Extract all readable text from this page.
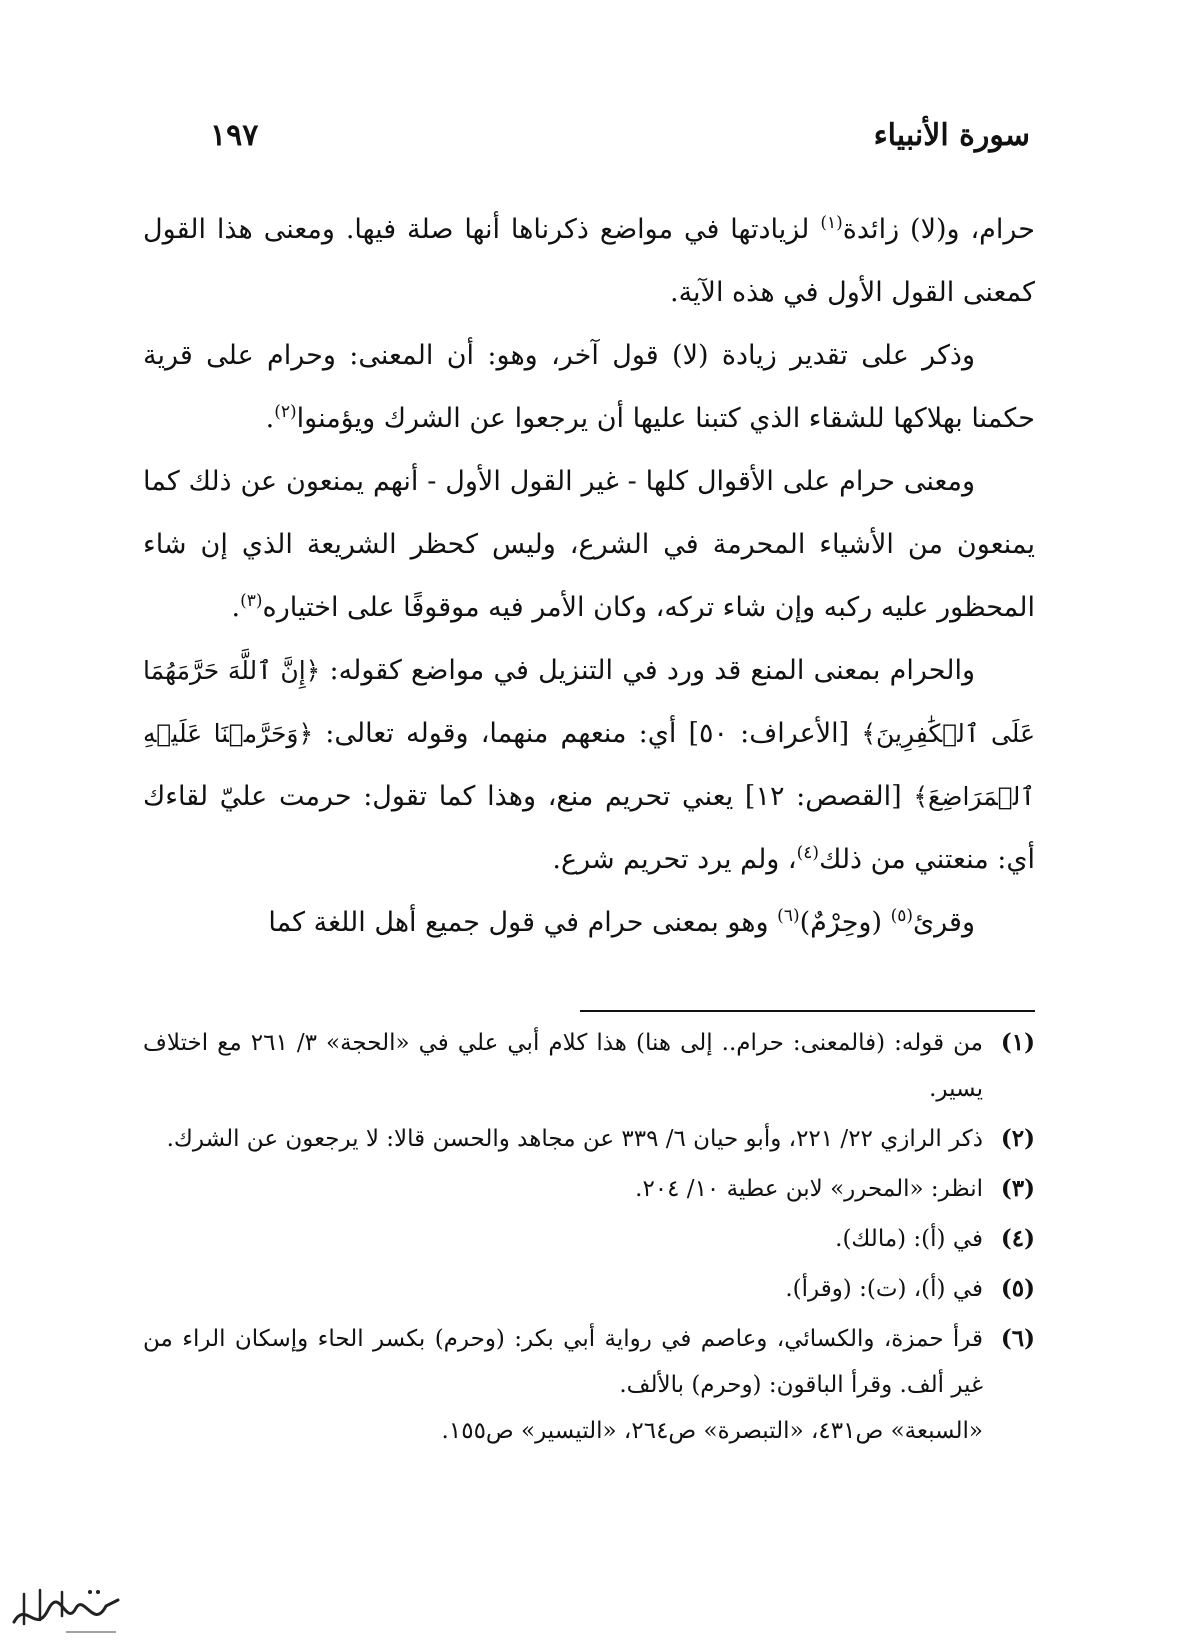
سورة الأنبياء
١٩٧

حرام، و(لا) زائدة$^{(١)}$ لزيادتها في مواضع ذكرناها أنها صلة فيها. ومعنى هذا القول كمعنى القول الأول في هذه الآية.

وذكر على تقدير زيادة (لا) قول آخر، وهو: أن المعنى: وحرام على قرية حكمنا بهلاكها للشقاء الذي كتبنا عليها أن يرجعوا عن الشرك ويؤمنوا$^{(٢)}$.

ومعنى حرام على الأقوال كلها - غير القول الأول - أنهم يمنعون عن ذلك كما يمنعون من الأشياء المحرمة في الشرع، وليس كحظر الشريعة الذي إن شاء المحظور عليه ركبه وإن شاء تركه، وكان الأمر فيه موقوفًا على اختياره$^{(٣)}$.

والحرام بمعنى المنع قد ورد في التنزيل في مواضع كقوله: ﴿إِنَّ ٱللَّهَ حَرَّمَهُمَا عَلَى ٱلۡكَٰفِرِينَ﴾ [الأعراف: ٥٠] أي: منعهم منهما، وقوله تعالى: ﴿وَحَرَّمۡنَا عَلَيۡهِ ٱلۡمَرَاضِعَ﴾ [القصص: ١٢] يعني تحريم منع، وهذا كما تقول: حرمت عليّ لقاءك أي: منعتني من ذلك$^{(٤)}$، ولم يرد تحريم شرع.

وقرئ$^{(٥)}$ (وحِرْمٌ)$^{(٦)}$ وهو بمعنى حرام في قول جميع أهل اللغة كما

(١)
من قوله: (فالمعنى: حرام.. إلى هنا) هذا كلام أبي علي في «الحجة» ٣/ ٢٦١ مع اختلاف يسير.
(٢)
ذكر الرازي ٢٢/ ٢٢١، وأبو حيان ٦/ ٣٣٩ عن مجاهد والحسن قالا: لا يرجعون عن الشرك.
(٣)
انظر: «المحرر» لابن عطية ١٠/ ٢٠٤.
(٤)
في (أ): (مالك).
(٥)
في (أ)، (ت): (وقرأ).
(٦)
قرأ حمزة، والكسائي، وعاصم في رواية أبي بكر: (وحرم) بكسر الحاء وإسكان الراء من غير ألف. وقرأ الباقون: (وحرم) بالألف.
«السبعة» ص٤٣١، «التبصرة» ص٢٦٤، «التيسير» ص١٥٥.
